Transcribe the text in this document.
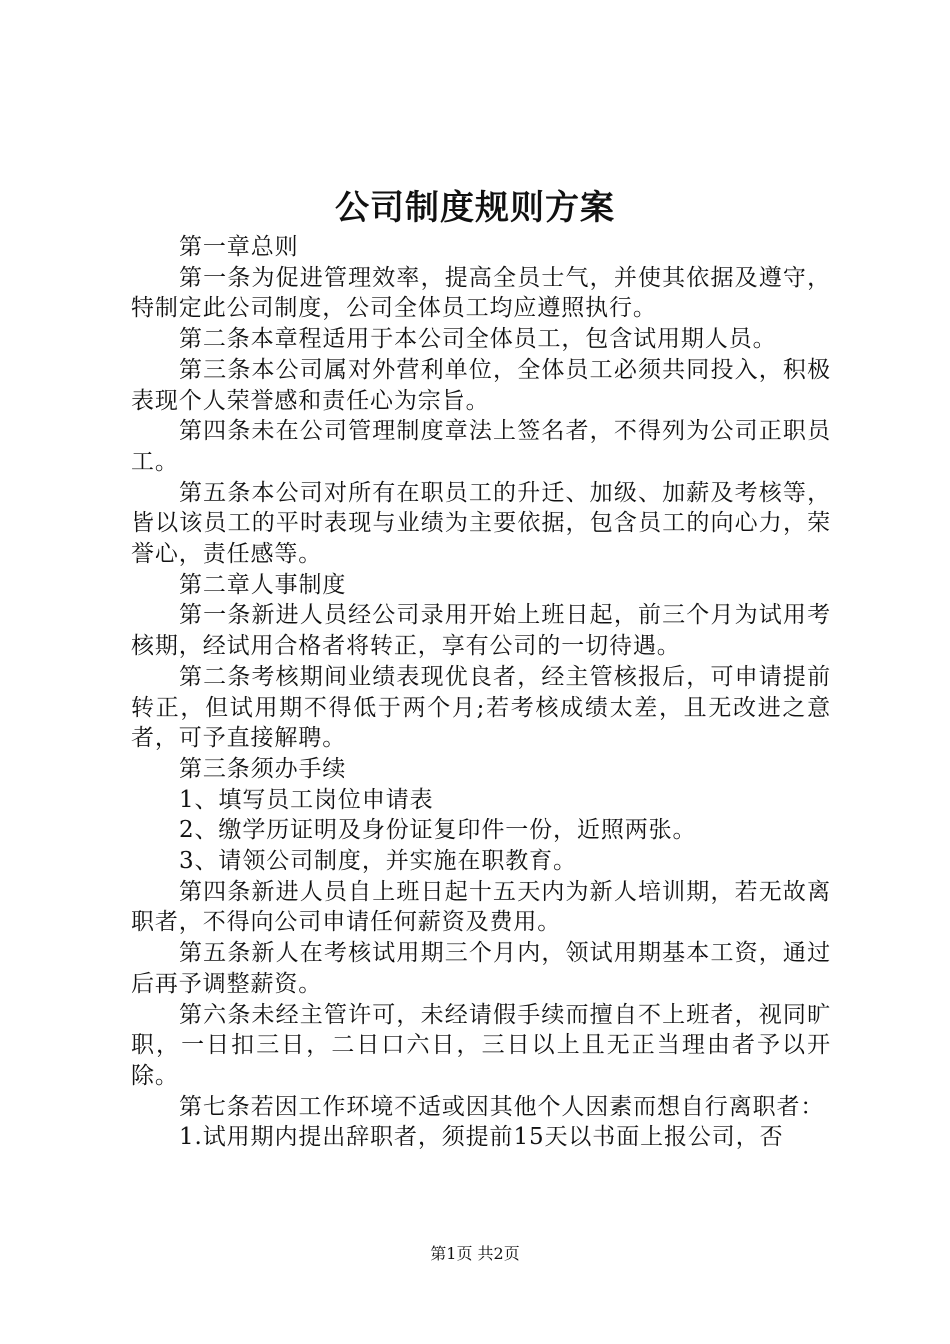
公司制度规则方案

第一章总则

第一条为促进管理效率，提高全员士气，并使其依据及遵守，特制定此公司制度，公司全体员工均应遵照执行。

第二条本章程适用于本公司全体员工，包含试用期人员。

第三条本公司属对外营利单位，全体员工必须共同投入，积极表现个人荣誉感和责任心为宗旨。

第四条未在公司管理制度章法上签名者，不得列为公司正职员工。

第五条本公司对所有在职员工的升迁、加级、加薪及考核等，皆以该员工的平时表现与业绩为主要依据，包含员工的向心力，荣誉心，责任感等。

第二章人事制度

第一条新进人员经公司录用开始上班日起，前三个月为试用考核期，经试用合格者将转正，享有公司的一切待遇。

第二条考核期间业绩表现优良者，经主管核报后，可申请提前转正，但试用期不得低于两个月;若考核成绩太差，且无改进之意者，可予直接解聘。

第三条须办手续

1、填写员工岗位申请表

2、缴学历证明及身份证复印件一份，近照两张。

3、请领公司制度，并实施在职教育。

第四条新进人员自上班日起十五天内为新人培训期，若无故离职者，不得向公司申请任何薪资及费用。

第五条新人在考核试用期三个月内，领试用期基本工资，通过后再予调整薪资。

第六条未经主管许可，未经请假手续而擅自不上班者，视同旷职，一日扣三日，二日口六日，三日以上且无正当理由者予以开除。

第七条若因工作环境不适或因其他个人因素而想自行离职者：

1.试用期内提出辞职者，须提前15天以书面上报公司，否

第1页 共2页
